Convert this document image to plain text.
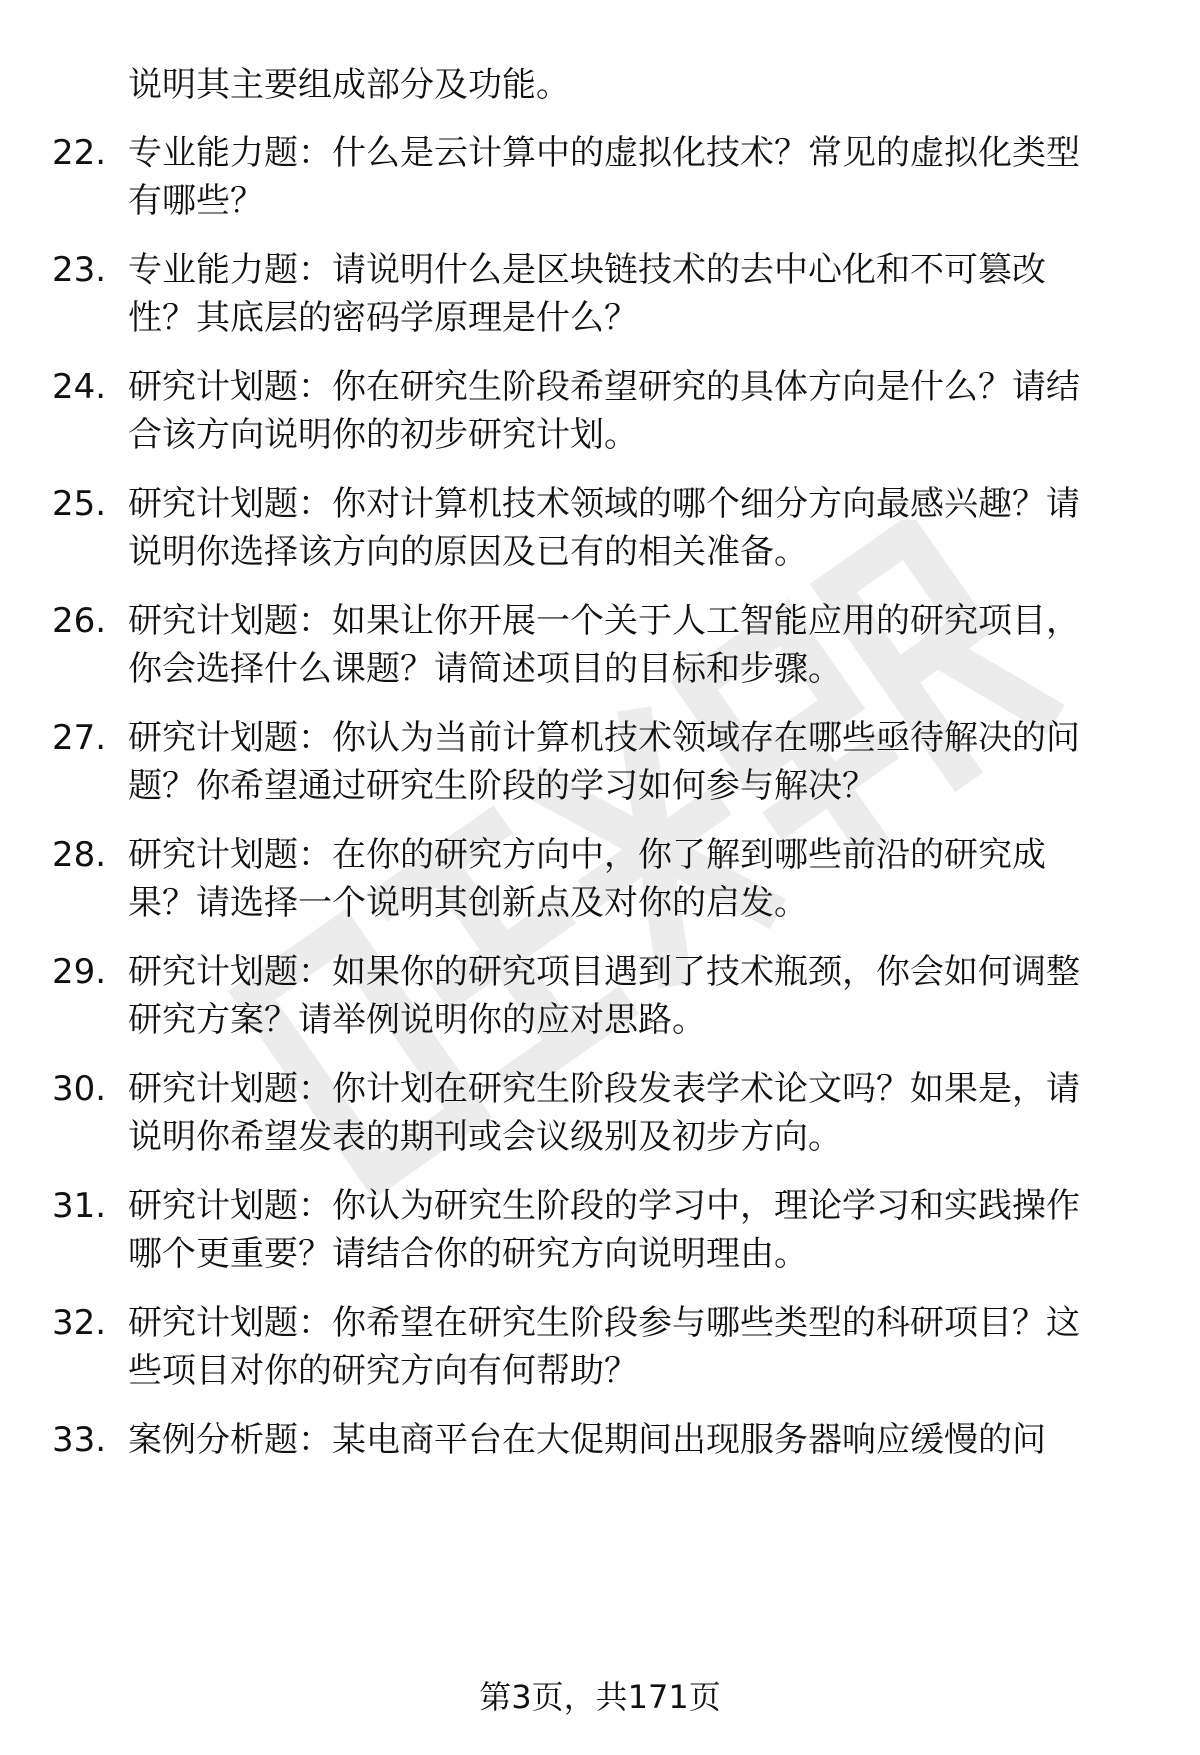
说明其主要组成部分及功能。
22. 专业能力题：什么是云计算中的虚拟化技术？常见的虚拟化类型
有哪些？
23. 专业能力题：请说明什么是区块链技术的去中心化和不可篡改
性？其底层的密码学原理是什么？
24. 研究计划题：你在研究生阶段希望研究的具体方向是什么？请结
合该方向说明你的初步研究计划。
25. 研究计划题：你对计算机技术领域的哪个细分方向最感兴趣？请
说明你选择该方向的原因及已有的相关准备。
26. 研究计划题：如果让你开展一个关于人工智能应用的研究项目，
你会选择什么课题？请简述项目的目标和步骤。
27. 研究计划题：你认为当前计算机技术领域存在哪些亟待解决的问
题？你希望通过研究生阶段的学习如何参与解决？
28. 研究计划题：在你的研究方向中，你了解到哪些前沿的研究成
果？请选择一个说明其创新点及对你的启发。
29. 研究计划题：如果你的研究项目遇到了技术瓶颈，你会如何调整
研究方案？请举例说明你的应对思路。
30. 研究计划题：你计划在研究生阶段发表学术论文吗？如果是，请
说明你希望发表的期刊或会议级别及初步方向。
31. 研究计划题：你认为研究生阶段的学习中，理论学习和实践操作
哪个更重要？请结合你的研究方向说明理由。
32. 研究计划题：你希望在研究生阶段参与哪些类型的科研项目？这
些项目对你的研究方向有何帮助？
33. 案例分析题：某电商平台在大促期间出现服务器响应缓慢的问
第3页，共171页
